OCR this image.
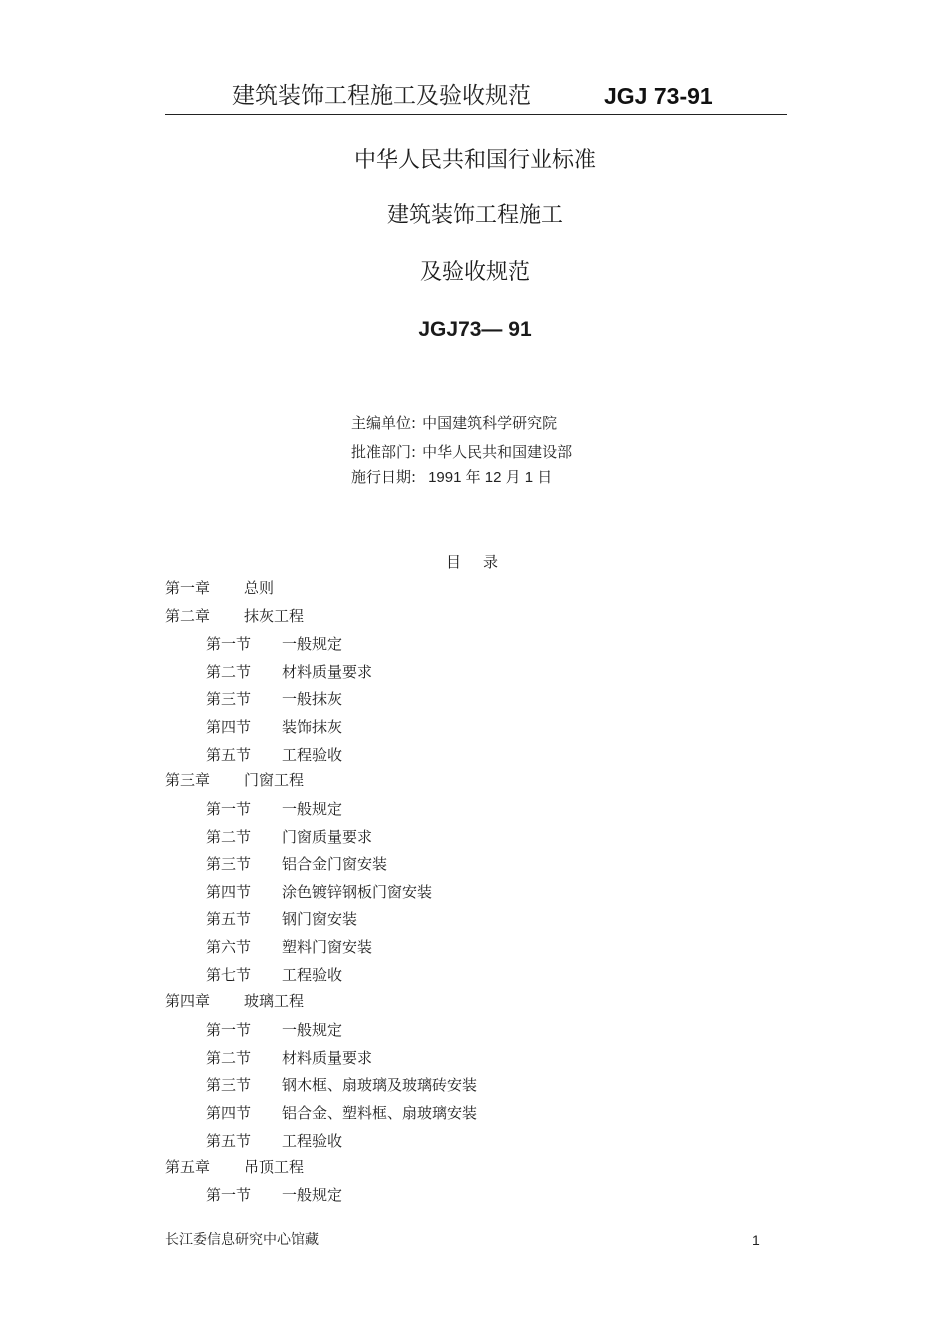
建筑装饰工程施工及验收规范	JGJ 73-91
中华人民共和国行业标准
建筑装饰工程施工
及验收规范
JGJ73— 91
主编单位: 中国建筑科学研究院
批准部门: 中华人民共和国建设部
施行日期: 1991 年 12 月 1 日
目 录
第一章 总则
第二章 抹灰工程
第一节 一般规定
第二节 材料质量要求
第三节 一般抹灰
第四节 装饰抹灰
第五节 工程验收
第三章 门窗工程
第一节 一般规定
第二节 门窗质量要求
第三节 铝合金门窗安装
第四节 涂色镀锌钢板门窗安装
第五节 钢门窗安装
第六节 塑料门窗安装
第七节 工程验收
第四章 玻璃工程
第一节 一般规定
第二节 材料质量要求
第三节 钢木框、扇玻璃及玻璃砖安装
第四节 铝合金、塑料框、扇玻璃安装
第五节 工程验收
第五章 吊顶工程
第一节 一般规定
长江委信息研究中心馆藏	1
